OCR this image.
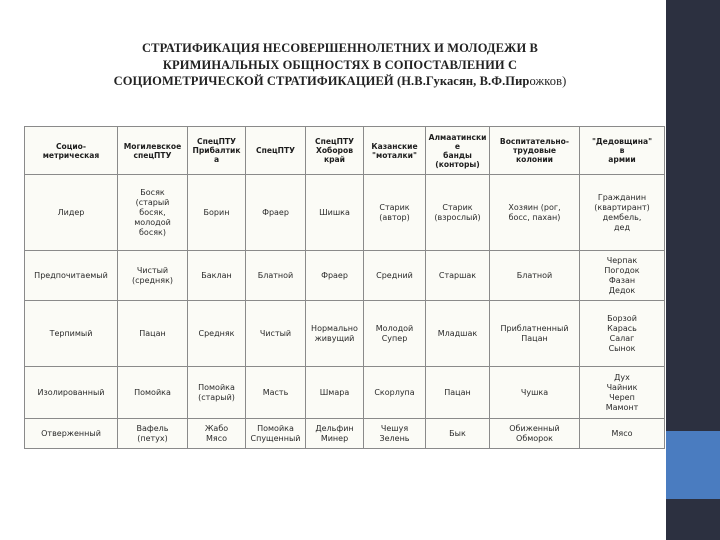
СТРАТИФИКАЦИЯ НЕСОВЕРШЕННОЛЕТНИХ И МОЛОДЕЖИ В
КРИМИНАЛЬНЫХ ОБЩНОСТЯХ В СОПОСТАВЛЕНИИ С
СОЦИОМЕТРИЧЕСКОЙ СТРАТИФИКАЦИЕЙ (Н.В.Гукасян, В.Ф.Пирожков)
Социо-
метрическая	Могилевское
спецПТУ	СпецПТУ
Прибалтика	СпецПТУ	СпецПТУ
Хоборов
край	Казанские
"моталки"	Алмаатинские
банды
(конторы)	Воспитательно-
трудовые
колонии	"Дедовщина"
в
армии

Лидер	Босяк
(старый
босяк,
молодой
босяк)	Борин	Фраер	Шишка	Старик
(автор)	Старик
(взрослый)	Хозяин (рог,
босс, пахан)	Гражданин
(квартирант)
дембель,
дед

Предпочитаемый	Чистый
(средняк)	Баклан	Блатной	Фраер	Средний	Старшак	Блатной	Черпак
Погодок
Фазан
Дедок

Терпимый	Пацан	Средняк	Чистый	Нормально
живущий	Молодой
Супер	Младшак	Приблатненный
Пацан	Борзой
Карась
Салаг
Сынок

Изолированный	Помойка	Помойка
(старый)	Масть	Шмара	Скорлупа	Пацан	Чушка	Дух
Чайник
Череп
Мамонт

Отверженный	Вафель
(петух)	Жабо
Мясо	Помойка
Спущенный	Дельфин
Минер	Чешуя
Зелень	Бык	Обиженный
Обморок	Мясо
